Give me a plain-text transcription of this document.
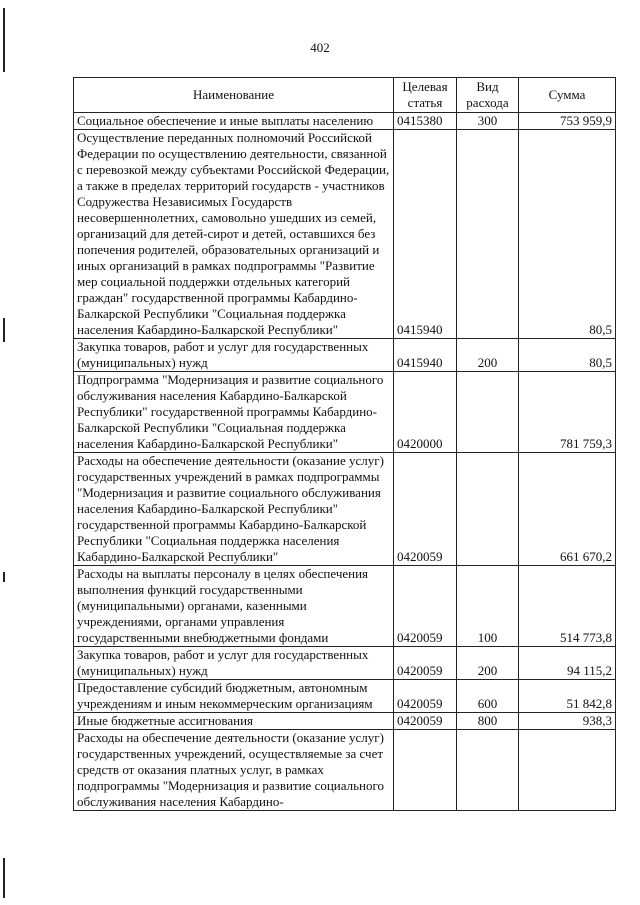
402
Наименование	Целевая статья	Вид расхода	Сумма
Социальное обеспечение и иные выплаты населению	0415380	300	753 959,9
Осуществление переданных полномочий Российской Федерации по осуществлению деятельности, связанной с перевозкой между субъектами Российской Федерации, а также в пределах территорий государств - участников Содружества Независимых Государств несовершеннолетних, самовольно ушедших из семей, организаций для детей-сирот и детей, оставшихся без попечения родителей, образовательных организаций и иных организаций в рамках подпрограммы "Развитие мер социальной поддержки отдельных категорий граждан" государственной программы Кабардино-Балкарской Республики "Социальная поддержка населения Кабардино-Балкарской Республики"	0415940		80,5
Закупка товаров, работ и услуг для государственных (муниципальных) нужд	0415940	200	80,5
Подпрограмма "Модернизация и развитие социального обслуживания населения Кабардино-Балкарской Республики" государственной программы Кабардино-Балкарской Республики "Социальная поддержка населения Кабардино-Балкарской Республики"	0420000		781 759,3
Расходы на обеспечение деятельности (оказание услуг) государственных учреждений в рамках подпрограммы "Модернизация и развитие социального обслуживания населения Кабардино-Балкарской Республики" государственной программы Кабардино-Балкарской Республики "Социальная поддержка населения Кабардино-Балкарской Республики"	0420059		661 670,2
Расходы на выплаты персоналу в целях обеспечения выполнения функций государственными (муниципальными) органами, казенными учреждениями, органами управления государственными внебюджетными фондами	0420059	100	514 773,8
Закупка товаров, работ и услуг для государственных (муниципальных) нужд	0420059	200	94 115,2
Предоставление субсидий бюджетным, автономным учреждениям и иным некоммерческим организациям	0420059	600	51 842,8
Иные бюджетные ассигнования	0420059	800	938,3
Расходы на обеспечение деятельности (оказание услуг) государственных учреждений, осуществляемые за счет средств от оказания платных услуг, в рамках подпрограммы "Модернизация и развитие социального обслуживания населения Кабардино-			
